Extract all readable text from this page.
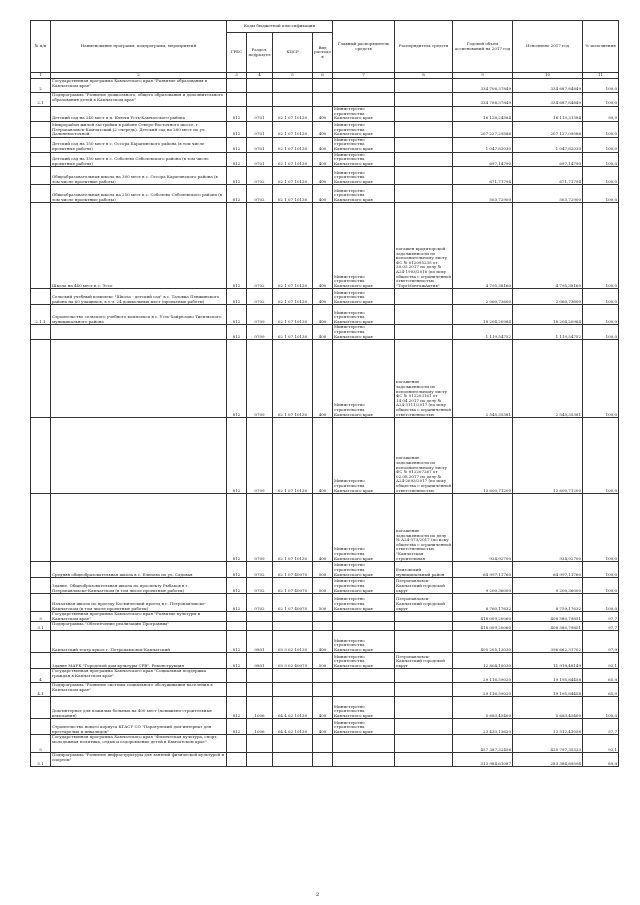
№ п/п	Наименование программ, подпрограмм, мероприятий	Коды бюджетной классификации				Главный распорядитель средств	Распорядитель средств	Годовой объем ассигнований на 2017 год	Исполнено 2017 год	% исполнения
		ГРБС	Раздел, подраздел	КЦСР	Вид расходов					
1	2	3	4	5	6	7	8	9	10	11
2	Государственная программа Камчатского края "Развитие образования в Камчатском крае"							334 706,37849	334 687,84849	100,0
2.1	Подпрограмма "Развитие дошкольного, общего образования и дополнительного образования детей в Камчатском крае"							334 706,37849	334 687,84849	100,0
	Детский сад на 240 мест в п. Ключи Усть-Камчатского района	812	0701	02 1 07 10130	400	Министерство строительства Камчатского края		16 128,24584	16 119,31584	99,9
	Микрорайон жилой застройки в районе Северо-Восточного шоссе, г. Петропавловск-Камчатский (2 очередь). Детский сад на 260 мест по ул. Дальневосточной	812	0701	02 1 07 10130	400	Министерство строительства Камчатского края		207 227,29586	207 127,09586	100,0
	Детский сад на 150 мест в с. Оссора Карагинского района (в том числе проектные работы)	812	0701	02 1 07 10130	400	Министерство строительства Камчатского края		1 047,82030	1 047,82030	100,0
	Детский сад на 150 мест в с. Соболево Соболевского района (в том числе проектные работы)	812	0701	02 1 07 10130	400	Министерство строительства Камчатского края		697,14790	697,14790	100,0
	Общеобразовательная школа на 300 мест в с. Оссора Карагинского района (в том числе проектные работы)	812	0702	02 1 07 10130	400	Министерство строительства Камчатского края		671,71794	671,71794	100,0
	Общеобразовательная школа на 250 мест в с. Соболево Соболевского района (в том числе проектные работы)	812	0702	02 1 07 10130	400	Министерство строительства Камчатского края		503,72900	503,72900	100,0
	Школа на 440 мест в с. Эссо	812	0702	02 1 07 10130	400	Министерство строительства Камчатского края	погашен кредиторской задолженности по исполнительному листу ФС № 012095235 от 30.05.2017 по делу № А24-1903/2016 (по иску общества с ограниченной ответственностью "ТоргМонтажАктив"	4 795,38160	4 795,38160	100,0
	Сельский учебный комплекс "Школа - детский сад" в с. Таловка Пенжинского района на 60 учащихся, в т.ч. 24 дошкольных мест (проектные работы)	812	0702	02 1 07 10130	400	Министерство строительства Камчатского края		2 060,73600	2 060,73600	100,0
2.1.1	Строительство сельского учебного комплекса в с. Усть-Хайрюзово Тигильского муниципального района	812	0709	02 1 07 10130	400	Министерство строительства Камчатского края		18 204,20984	18 204,20984	100,0
		812	0709	02 1 07 10130	400	Министерство строительства Камчатского края		1 119,54752	1 119,54752	100,0
		812	0709	02 1 07 10130	400	Министерство строительства Камчатского края	погашение задолженности по исполнительному листу ФС № 012203161 от 14.04.2017 по делу № А24-3111/2017 (по иску общества с ограниченной ответственностью	2 545,35381	2 545,35381	100,0
		812	0709	02 1 07 10130	400	Министерство строительства Камчатского края	погашение задолженности по исполнительному листу ФС № 012207267 от 02.08.2017 по делу № А24-2693/2017 (по иску общества с ограниченной ответственностью	13 600,71200	13 600,71200	100,0
		812	0709	02 1 07 10130	400	Министерство строительства Камчатского края	погашение задолженности по делу № А24-573/2017 (по иску общества с ограниченной ответственностью "Камчатская строительная	934,92700	934,92700	100,0
	Средняя общеобразовательная школа в с. Елизово по ул. Садовая	812	0702	02 1 07 40070	500	Министерство строительства Камчатского края	Елизовский муниципальный район	64 997,11760	64 997,11760	100,0
	Здание. Общеобразовательная школа по проспекту Рыбаков в г. Петропавловске-Камчатском (в том числе проектные работы)	812	0702	02 1 07 40070	500	Министерство строительства Камчатского края	Петропавловск-Камчатский городской округ	9 200,36000	9 200,36000	100,0
	Начальная школа по проезду Космический проезд в г. Петропавловске-Камчатском (в том числе проектные работы)	812	0702	02 1 07 40070	500	Министерство строительства Камчатского края	Петропавловск-Камчатский городской округ	8 760,17632	8 759,17632	100,0
3	Государственная программа Камчатского края "Развитие культуры в Камчатском крае"							418 009,20060	408 580,79851	97,7
3.1	Подпрограмма "Обеспечение реализации Программы"							418 009,20060	408 580,79851	97,7
	Камчатский театр кукол г. Петропавловск-Камчатский	812	0801	05 3 02 10130	400	Министерство строительства Камчатского края		405 205,13030	396 662,31702	97,9
	Здание МАУК "Городской дом культуры СРВ". Реконструкция	812	0801	05 3 02 40070	500	Министерство строительства Камчатского края	Петропавловск-Камчатский городской округ	12 804,10030	11 918,48149	93,1
4	Государственная программа Камчатского края "Социальная поддержка граждан в Камчатском крае"							29 116,59020	19 195,84458	65,9
4.1	Подпрограмма "Развитие системы социального обслуживания населения в Камчатском крае"							29 116,59020	19 195,84458	65,9
	Дом-интернат для пожилых больных на 400 мест (понижено-строительные изыскания)	812	1006	04 4 02 10130	400	Министерство строительства Камчатского края		5 683,45400	5 683,45400	100,0
	Строительство нового корпуса КГАСУ СО "Паратунский дом-интернат для престарелых и инвалидов"	812	1006	04 4 02 10130	400	Министерство строительства Камчатского края		23 433,13620	13 512,41058	57,7
5	Государственная программа Камчатского края "Физическая культура, спорт, молодежная политика, отдых и оздоровление детей в Камчатском крае"							457 387,32456	425 797,35533	93,1
5.1	Подпрограмма "Развитие инфраструктуры для занятий физической культурой и спортом"							313 984,61087	283 384,89594	89,9
2
